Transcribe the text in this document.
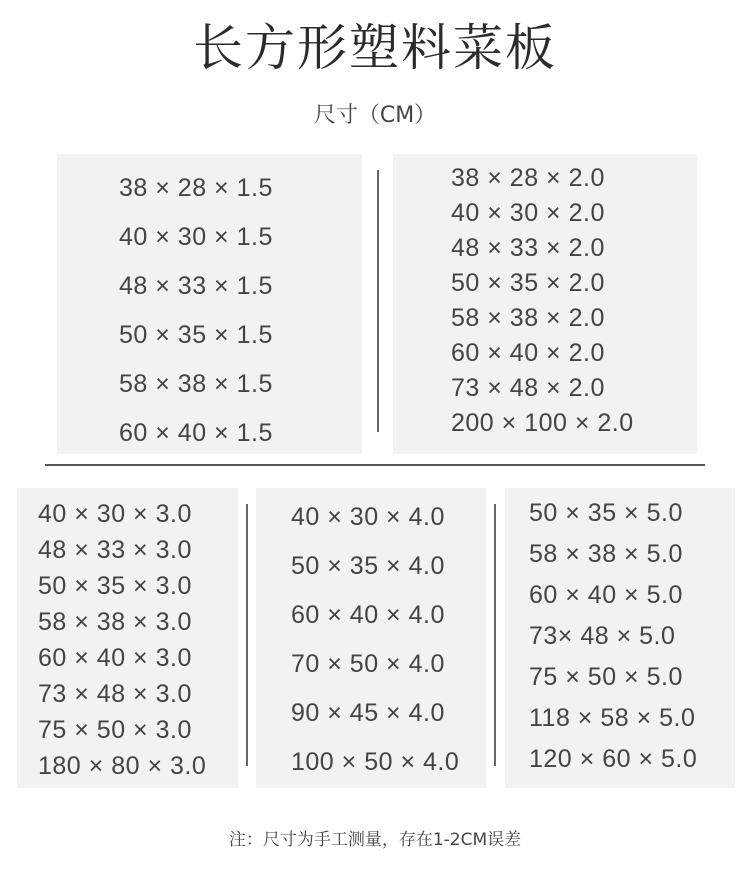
长方形塑料菜板
尺寸（CM）
38 × 28 × 1.5
40 × 30 × 1.5
48 × 33 × 1.5
50 × 35 × 1.5
58 × 38 × 1.5
60 × 40 × 1.5
38 × 28 × 2.0
40 × 30 × 2.0
48 × 33 × 2.0
50 × 35 × 2.0
58 × 38 × 2.0
60 × 40 × 2.0
73 × 48 × 2.0
200 × 100 × 2.0
40 × 30 × 3.0
48 × 33 × 3.0
50 × 35 × 3.0
58 × 38 × 3.0
60 × 40 × 3.0
73 × 48 × 3.0
75 × 50 × 3.0
180 × 80 × 3.0
40 × 30 × 4.0
50 × 35 × 4.0
60 × 40 × 4.0
70 × 50 × 4.0
90 × 45 × 4.0
100 × 50 × 4.0
50 × 35 × 5.0
58 × 38 × 5.0
60 × 40 × 5.0
73× 48 × 5.0
75 × 50 × 5.0
118 × 58 × 5.0
120 × 60 × 5.0
注：尺寸为手工测量，存在1-2CM误差
